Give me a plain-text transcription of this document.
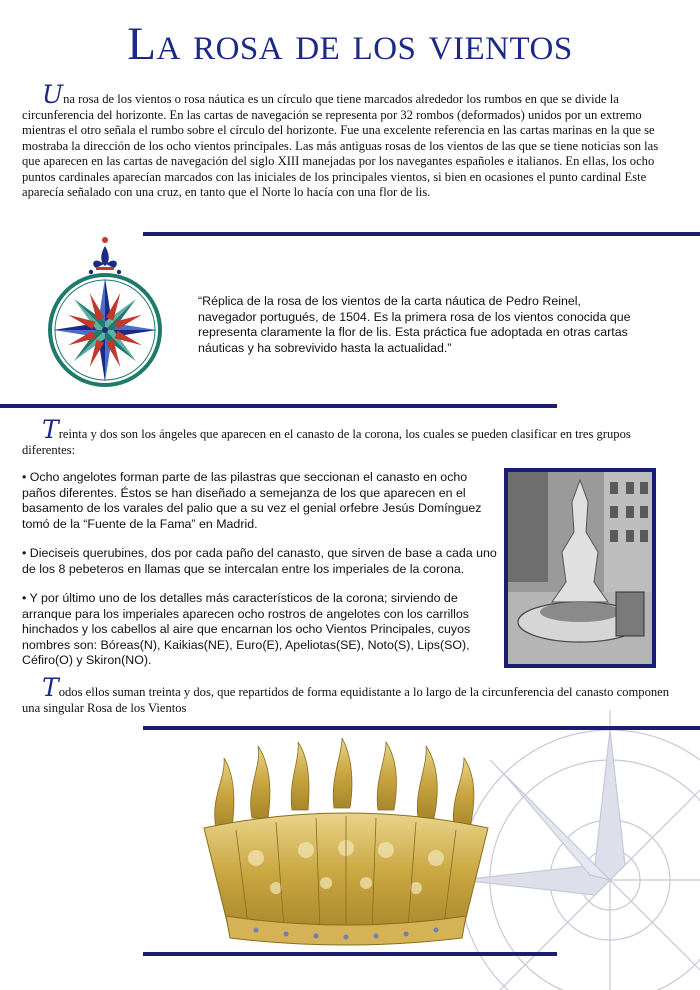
La rosa de los vientos

Una rosa de los vientos o rosa náutica es un círculo que tiene marcados alrededor los rumbos en que se divide la circunferencia del horizonte. En las cartas de navegación se representa por 32 rombos (deformados) unidos por un extremo mientras el otro señala el rumbo sobre el círculo del horizonte. Fue una excelente referencia en las cartas marinas en la que se mostraba la dirección de los ocho vientos principales. Las más antiguas rosas de los vientos de las que se tiene noticias son las que aparecen en las cartas de navegación del siglo XIII manejadas por los navegantes españoles e italianos. En ellas, los ocho puntos cardinales aparecían marcados con las iniciales de los principales vientos, si bien en ocasiones el punto cardinal Este aparecía señalado con una cruz, en tanto que el Norte lo hacía con una flor de lis.

“Réplica de la rosa de los vientos de la carta náutica de Pedro Reinel, navegador portugués, de 1504. Es la primera rosa de los vientos conocida que representa claramente la flor de lis. Esta práctica fue adoptada en otras cartas náuticas y ha sobrevivido hasta la actualidad.”

Treinta y dos son los ángeles que aparecen en el canasto de la corona, los cuales se pueden clasificar en tres grupos diferentes:

• Ocho angelotes forman parte de las pilastras que seccionan el canasto en ocho paños diferentes. Éstos se han diseñado a semejanza de los que aparecen en el basamento de los varales del palio que a su vez el genial orfebre Jesús Domínguez tomó de la “Fuente de la Fama” en Madrid.

• Dieciseis querubines, dos por cada paño del canasto, que sirven de base a cada uno de los 8 pebeteros en llamas que se intercalan entre los imperiales de la corona.

• Y por último uno de los detalles más característicos de la corona; sirviendo de arranque para los imperiales aparecen ocho rostros de angelotes con los carrillos hinchados y los cabellos al aire que encarnan los ocho Vientos Principales, cuyos nombres son: Bóreas(N), Kaikias(NE), Euro(E), Apeliotas(SE), Noto(S), Lips(SO), Céfiro(O) y Skiron(NO).

Todos ellos suman treinta y dos, que repartidos de forma equidistante a lo largo de la circunferencia del canasto componen una singular Rosa de los Vientos
